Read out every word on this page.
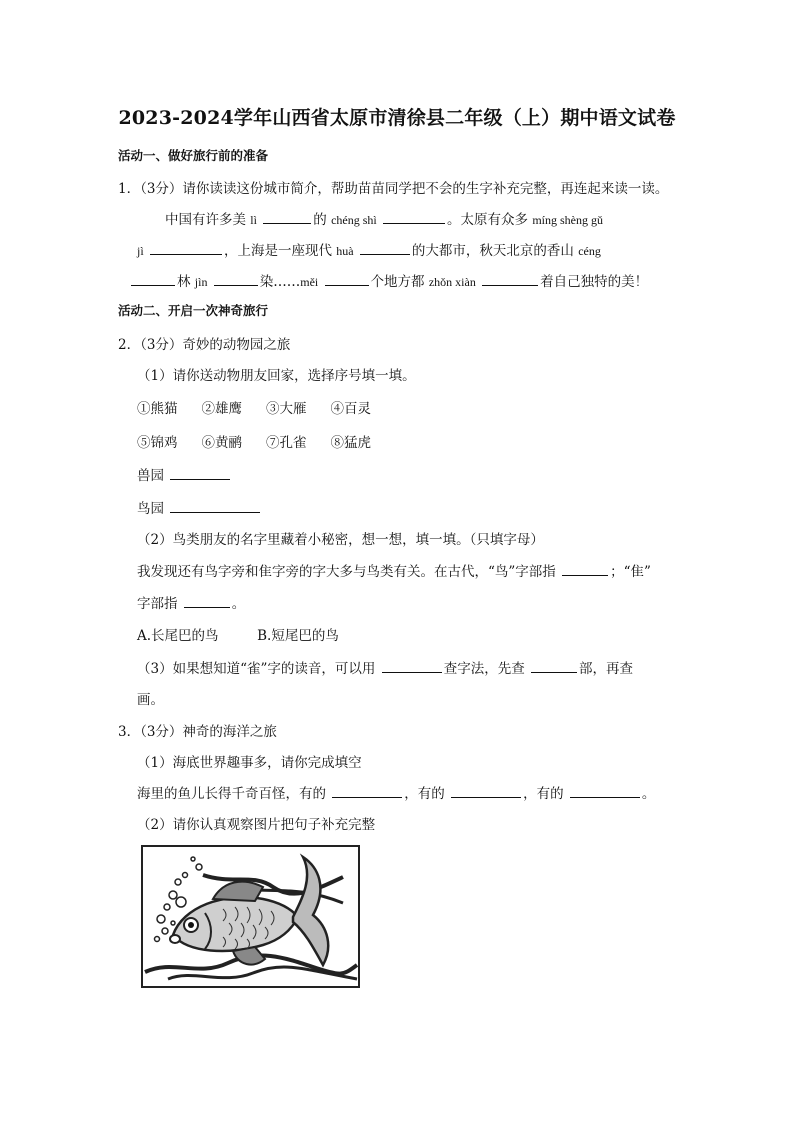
2023-2024学年山西省太原市清徐县二年级（上）期中语文试卷
活动一、做好旅行前的准备
1．（3分）请你读读这份城市简介，帮助苗苗同学把不会的生字补充完整，再连起来读一读。
中国有许多美 lì	的 chéng shì	。太原有众多 míng shèng gǔ
jì	，上海是一座现代 huà	的大都市，秋天北京的香山 céng
林 jìn	染……měi	个地方都 zhǒn xiàn	着自己独特的美！
活动二、开启一次神奇旅行
2．（3分）奇妙的动物园之旅
（1）请你送动物朋友回家，选择序号填一填。
①熊猫 ②雄鹰 ③大雁 ④百灵
⑤锦鸡 ⑥黄鹂 ⑦孔雀 ⑧猛虎
兽园
鸟园
（2）鸟类朋友的名字里藏着小秘密，想一想，填一填。（只填字母）
我发现还有鸟字旁和隹字旁的字大多与鸟类有关。在古代，“鸟”字部指	；“隹”
字部指	。
A.长尾巴的鸟	B.短尾巴的鸟
（3）如果想知道“雀”字的读音，可以用	查字法，先查	部，再查
画。
3．（3分）神奇的海洋之旅
（1）海底世界趣事多，请你完成填空
海里的鱼儿长得千奇百怪，有的	，有的	，有的	。
（2）请你认真观察图片把句子补充完整
